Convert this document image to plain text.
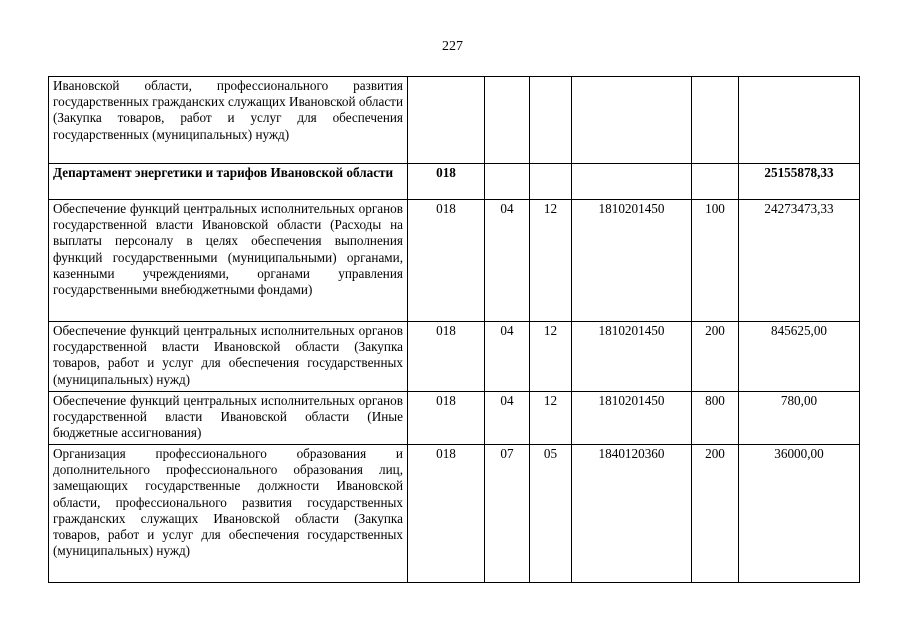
227
Ивановской области, профессионального развития государственных гражданских служащих Ивановской области (Закупка товаров, работ и услуг для обеспечения государственных (муниципальных) нужд)						
Департамент энергетики и тарифов Ивановской области	018					25155878,33
Обеспечение функций центральных исполнительных органов государственной власти Ивановской области (Расходы на выплаты персоналу в целях обеспечения выполнения функций государственными (муниципальными) органами, казенными учреждениями, органами управления государственными внебюджетными фондами)	018	04	12	1810201450	100	24273473,33
Обеспечение функций центральных исполнительных органов государственной власти Ивановской области (Закупка товаров, работ и услуг для обеспечения государственных (муниципальных) нужд)	018	04	12	1810201450	200	845625,00
Обеспечение функций центральных исполнительных органов государственной власти Ивановской области (Иные бюджетные ассигнования)	018	04	12	1810201450	800	780,00
Организация профессионального образования и дополнительного профессионального образования лиц, замещающих государственные должности Ивановской области, профессионального развития государственных гражданских служащих Ивановской области (Закупка товаров, работ и услуг для обеспечения государственных (муниципальных) нужд)	018	07	05	1840120360	200	36000,00
